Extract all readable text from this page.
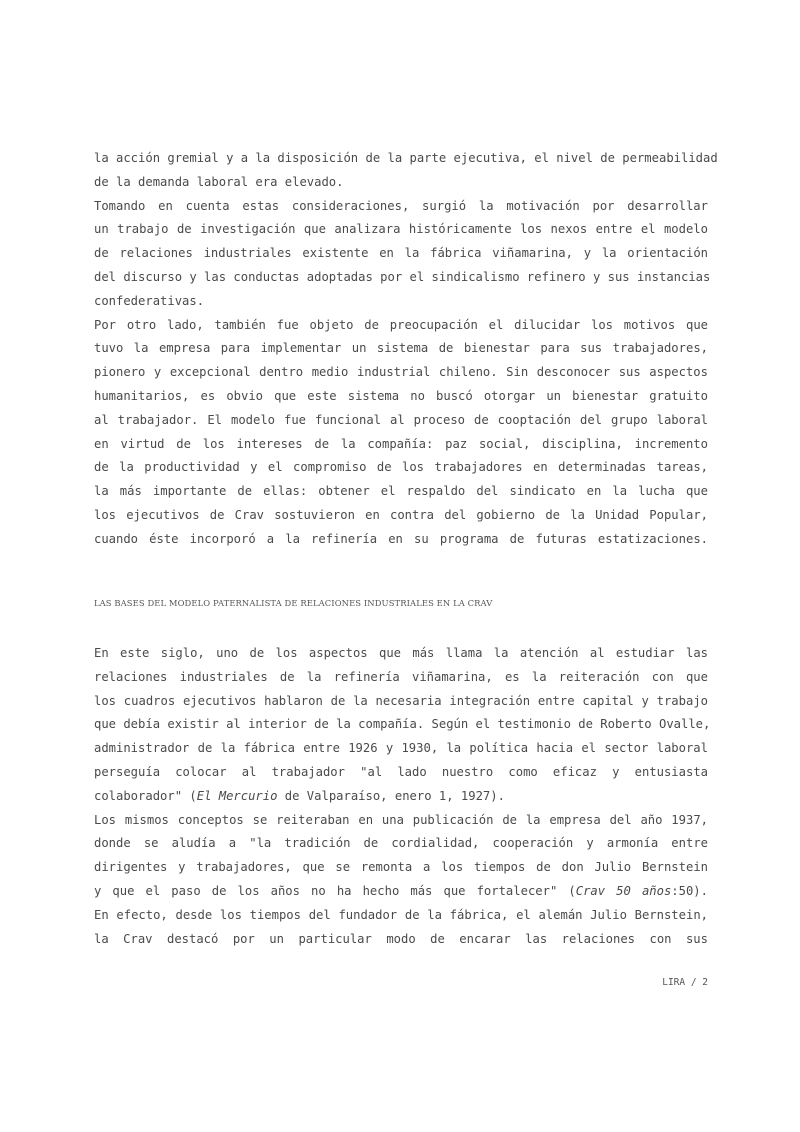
la acción gremial y a la disposición de la parte ejecutiva, el nivel de permeabilidad
de la demanda laboral era elevado.
Tomando en cuenta estas consideraciones, surgió la motivación por desarrollar
un trabajo de investigación que analizara históricamente los nexos entre el modelo
de relaciones industriales existente en la fábrica viñamarina, y la orientación
del discurso y las conductas adoptadas por el sindicalismo refinero y sus instancias
confederativas.
Por otro lado, también fue objeto de preocupación el dilucidar los motivos que
tuvo la empresa para implementar un sistema de bienestar para sus trabajadores,
pionero y excepcional dentro medio industrial chileno. Sin desconocer sus aspectos
humanitarios, es obvio que este sistema no buscó otorgar un bienestar gratuito
al trabajador. El modelo fue funcional al proceso de cooptación del grupo laboral
en virtud de los intereses de la compañía: paz social, disciplina, incremento
de la productividad y el compromiso de los trabajadores en determinadas tareas,
la más importante de ellas: obtener el respaldo del sindicato en la lucha que
los ejecutivos de Crav sostuvieron en contra del gobierno de la Unidad Popular,
cuando éste incorporó a la refinería en su programa de futuras estatizaciones.
LAS BASES DEL MODELO PATERNALISTA DE RELACIONES INDUSTRIALES EN LA CRAV
En este siglo, uno de los aspectos que más llama la atención al estudiar las
relaciones industriales de la refinería viñamarina, es la reiteración con que
los cuadros ejecutivos hablaron de la necesaria integración entre capital y trabajo
que debía existir al interior de la compañía. Según el testimonio de Roberto Ovalle,
administrador de la fábrica entre 1926 y 1930, la política hacia el sector laboral
perseguía colocar al trabajador "al lado nuestro como eficaz y entusiasta
colaborador" (El Mercurio de Valparaíso, enero 1, 1927).
Los mismos conceptos se reiteraban en una publicación de la empresa del año 1937,
donde se aludía a "la tradición de cordialidad, cooperación y armonía entre
dirigentes y trabajadores, que se remonta a los tiempos de don Julio Bernstein
y que el paso de los años no ha hecho más que fortalecer" (Crav 50 años:50).
En efecto, desde los tiempos del fundador de la fábrica, el alemán Julio Bernstein,
la Crav destacó por un particular modo de encarar las relaciones con sus
LIRA / 2
